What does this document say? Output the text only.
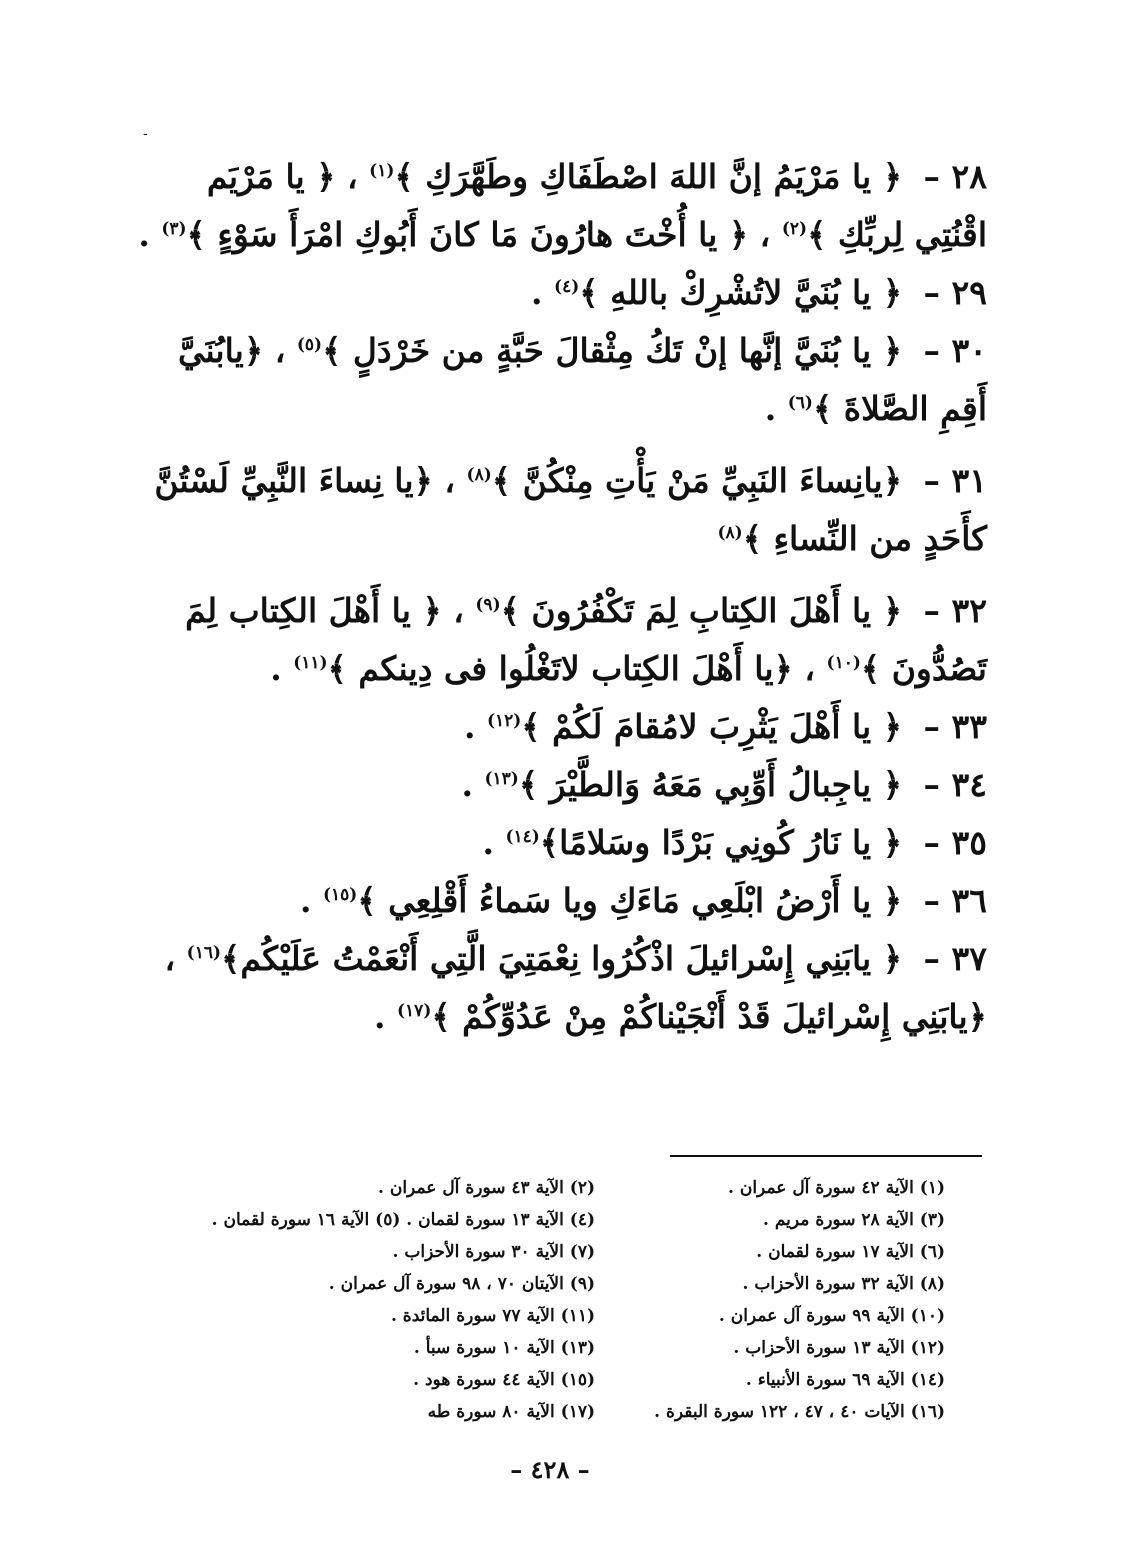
-

٢٨ – ﴿ يا مَرْيَمُ إنَّ اللهَ اصْطَفَاكِ وطَهَّرَكِ ﴾$^{(١)}$ ، ﴿ يا مَرْيَم اقْنُتِي لِربِّكِ ﴾$^{(٢)}$ ، ﴿ يا أُخْتَ هارُونَ مَا كانَ أَبُوكِ امْرَأَ سَوْءٍ ﴾$^{(٣)}$ .

٢٩ – ﴿ يا بُنَيَّ لاتُشْرِكْ باللهِ ﴾$^{(٤)}$ .

٣٠ – ﴿ يا بُنَيَّ إنَّها إنْ تَكُ مِثْقالَ حَبَّةٍ من خَرْدَلٍ ﴾$^{(٥)}$ ، ﴿يابُنَيَّ أَقِمِ الصَّلاةَ ﴾$^{(٦)}$ .

٣١ – ﴿يانِساءَ النَبِيِّ مَنْ يَأْتِ مِنْكُنَّ ﴾$^{(٨)}$ ، ﴿يا نِساءَ النَّبِيِّ لَسْتُنَّ كأَحَدٍ من النِّساءِ ﴾$^{(٨)}$

٣٢ – ﴿ يا أَهْلَ الكِتابِ لِمَ تَكْفُرُونَ ﴾$^{(٩)}$ ، ﴿ يا أَهْلَ الكِتاب لِمَ تَصُدُّونَ ﴾$^{(١٠)}$ ، ﴿يا أَهْلَ الكِتاب لاتَغْلُوا فى دِينكم ﴾$^{(١١)}$ .

٣٣ – ﴿ يا أَهْلَ يَثْرِبَ لامُقامَ لَكُمْ ﴾$^{(١٢)}$ .

٣٤ – ﴿ ياجِبالُ أَوِّبِي مَعَهُ وَالطَّيْرَ ﴾$^{(١٣)}$ .

٣٥ – ﴿ يا نَارُ كُونِي بَرْدًا وسَلامًا﴾$^{(١٤)}$ .

٣٦ – ﴿ يا أَرْضُ ابْلَعِي مَاءَكِ ويا سَماءُ أَقْلِعِي ﴾$^{(١٥)}$ .

٣٧ – ﴿ يابَنِي إِسْرائيلَ اذْكُرُوا نِعْمَتِيَ الَّتِي أَنْعَمْتُ عَلَيْكُم﴾$^{(١٦)}$ ، ﴿يابَنِي إِسْرائيلَ قَدْ أَنْجَيْناكُمْ مِنْ عَدُوِّكُمْ ﴾$^{(١٧)}$ .

(١) الآية ٤٢ سورة آل عمران .
(٢) الآية ٤٣ سورة آل عمران .
(٣) الآية ٢٨ سورة مريم .
(٤) الآية ١٣ سورة لقمان . (٥) الآية ١٦ سورة لقمان .
(٦) الآية ١٧ سورة لقمان .
(٧) الآية ٣٠ سورة الأحزاب .
(٨) الآية ٣٢ سورة الأحزاب .
(٩) الآيتان ٧٠ ، ٩٨ سورة آل عمران .
(١٠) الآية ٩٩ سورة آل عمران .
(١١) الآية ٧٧ سورة المائدة .
(١٢) الآية ١٣ سورة الأحزاب .
(١٣) الآية ١٠ سورة سبأ .
(١٤) الآية ٦٩ سورة الأنبياء .
(١٥) الآية ٤٤ سورة هود .
(١٦) الآيات ٤٠ ، ٤٧ ، ١٢٢ سورة البقرة .
(١٧) الآية ٨٠ سورة طه
– ٤٢٨ –
